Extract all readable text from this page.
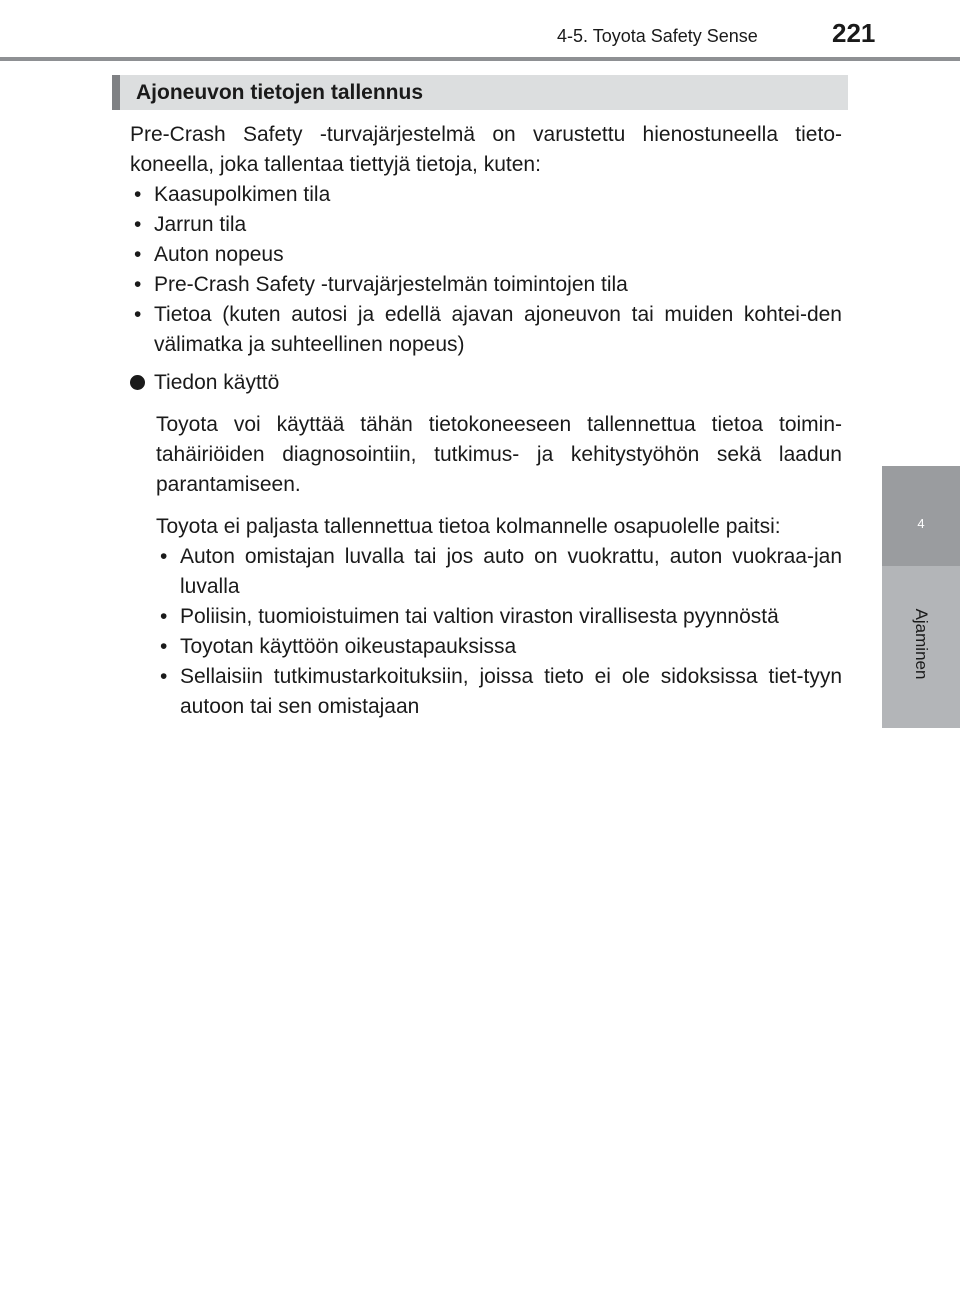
4-5. Toyota Safety Sense	221
4
Ajaminen
Ajoneuvon tietojen tallennus

Pre-Crash Safety -turvajärjestelmä on varustettu hienostuneella tieto-koneella, joka tallentaa tiettyjä tietoja, kuten:

• Kaasupolkimen tila
• Jarrun tila
• Auton nopeus
• Pre-Crash Safety -turvajärjestelmän toimintojen tila
• Tietoa (kuten autosi ja edellä ajavan ajoneuvon tai muiden kohtei-den välimatka ja suhteellinen nopeus)
Tiedon käyttö

Toyota voi käyttää tähän tietokoneeseen tallennettua tietoa toimin-tahäiriöiden diagnosointiin, tutkimus- ja kehitystyöhön sekä laadun parantamiseen.

Toyota ei paljasta tallennettua tietoa kolmannelle osapuolelle paitsi:

• Auton omistajan luvalla tai jos auto on vuokrattu, auton vuokraa-jan luvalla
• Poliisin, tuomioistuimen tai valtion viraston virallisesta pyynnöstä
• Toyotan käyttöön oikeustapauksissa
• Sellaisiin tutkimustarkoituksiin, joissa tieto ei ole sidoksissa tiet-tyyn autoon tai sen omistajaan
